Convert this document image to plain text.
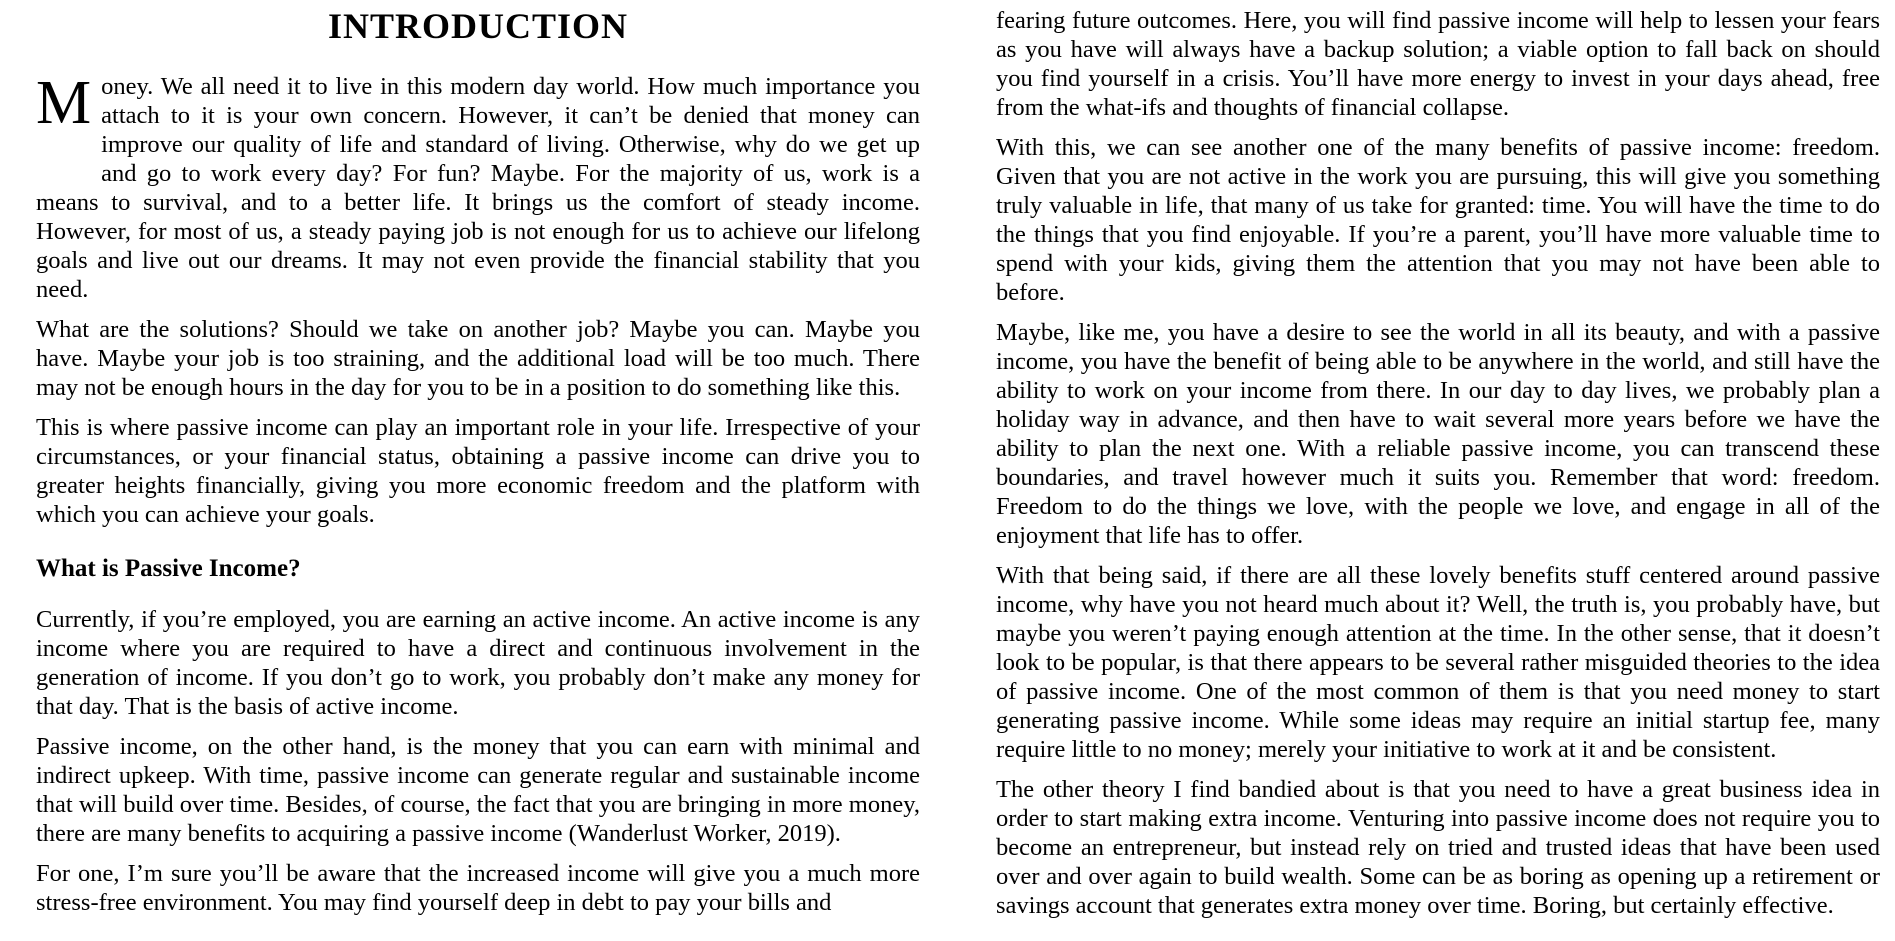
INTRODUCTION

Money. We all need it to live in this modern day world. How much importance you attach to it is your own concern. However, it can’t be denied that money can improve our quality of life and standard of living. Otherwise, why do we get up and go to work every day? For fun? Maybe. For the majority of us, work is a means to survival, and to a better life. It brings us the comfort of steady income. However, for most of us, a steady paying job is not enough for us to achieve our lifelong goals and live out our dreams. It may not even provide the financial stability that you need.

What are the solutions? Should we take on another job? Maybe you can. Maybe you have. Maybe your job is too straining, and the additional load will be too much. There may not be enough hours in the day for you to be in a position to do something like this.

This is where passive income can play an important role in your life. Irrespective of your circumstances, or your financial status, obtaining a passive income can drive you to greater heights financially, giving you more economic freedom and the platform with which you can achieve your goals.

What is Passive Income?

Currently, if you’re employed, you are earning an active income. An active income is any income where you are required to have a direct and continuous involvement in the generation of income. If you don’t go to work, you probably don’t make any money for that day. That is the basis of active income.

Passive income, on the other hand, is the money that you can earn with minimal and indirect upkeep. With time, passive income can generate regular and sustainable income that will build over time. Besides, of course, the fact that you are bringing in more money, there are many benefits to acquiring a passive income (Wanderlust Worker, 2019).

For one, I’m sure you’ll be aware that the increased income will give you a much more stress-free environment. You may find yourself deep in debt to pay your bills and

fearing future outcomes. Here, you will find passive income will help to lessen your fears as you have will always have a backup solution; a viable option to fall back on should you find yourself in a crisis. You’ll have more energy to invest in your days ahead, free from the what-ifs and thoughts of financial collapse.

With this, we can see another one of the many benefits of passive income: freedom. Given that you are not active in the work you are pursuing, this will give you something truly valuable in life, that many of us take for granted: time. You will have the time to do the things that you find enjoyable. If you’re a parent, you’ll have more valuable time to spend with your kids, giving them the attention that you may not have been able to before.

Maybe, like me, you have a desire to see the world in all its beauty, and with a passive income, you have the benefit of being able to be anywhere in the world, and still have the ability to work on your income from there. In our day to day lives, we probably plan a holiday way in advance, and then have to wait several more years before we have the ability to plan the next one. With a reliable passive income, you can transcend these boundaries, and travel however much it suits you. Remember that word: freedom. Freedom to do the things we love, with the people we love, and engage in all of the enjoyment that life has to offer.

With that being said, if there are all these lovely benefits stuff centered around passive income, why have you not heard much about it? Well, the truth is, you probably have, but maybe you weren’t paying enough attention at the time. In the other sense, that it doesn’t look to be popular, is that there appears to be several rather misguided theories to the idea of passive income. One of the most common of them is that you need money to start generating passive income. While some ideas may require an initial startup fee, many require little to no money; merely your initiative to work at it and be consistent.

The other theory I find bandied about is that you need to have a great business idea in order to start making extra income. Venturing into passive income does not require you to become an entrepreneur, but instead rely on tried and trusted ideas that have been used over and over again to build wealth. Some can be as boring as opening up a retirement or savings account that generates extra money over time. Boring, but certainly effective.
